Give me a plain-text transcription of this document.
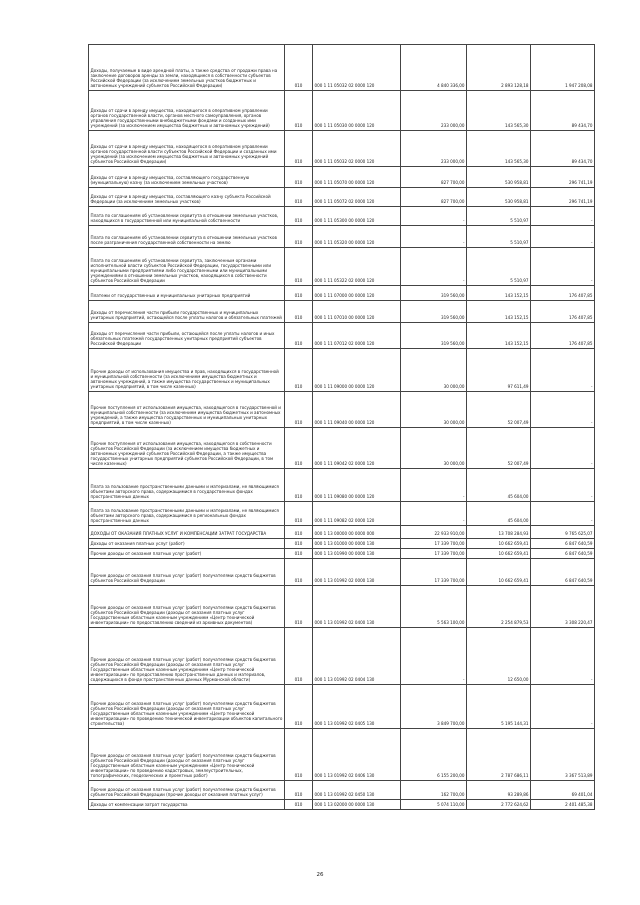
Доходы, получаемые в виде арендной платы, а также средства от продажи права на заключение договоров аренды за земли, находящиеся в собственности субъектов Российской Федерации (за исключением земельных участков бюджетных и автономных учреждений субъектов Российской Федерации)	010	000 1 11 05032 02 0000 120	4 840 336,00	2 893 128,18	1 947 208,08
Доходы от сдачи в аренду имущества, находящегося в оперативном управлении органов государственной власти, органов местного самоуправления, органов управления государственными внебюджетными фондами и созданных ими учреждений (за исключением имущества бюджетных и автономных учреждений)	010	000 1 11 05030 00 0000 120	233 000,00	143 565,30	89 434,70
Доходы от сдачи в аренду имущества, находящегося в оперативном управлении органов государственной власти субъектов Российской Федерации и созданных ими учреждений (за исключением имущества бюджетных и автономных учреждений субъектов Российской Федерации)	010	000 1 11 05032 02 0000 120	233 000,00	143 565,30	89 434,70
Доходы от сдачи в аренду имущества, составляющего государственную (муниципальную) казну (за исключением земельных участков)	010	000 1 11 05070 00 0000 120	827 700,00	530 958,81	296 741,19
Доходы от сдачи в аренду имущества, составляющего казну субъекта Российской Федерации (за исключением земельных участков)	010	000 1 11 05072 02 0000 120	827 700,00	530 958,81	296 741,19
Плата по соглашениям об установлении сервитута в отношении земельных участков, находящихся в государственной или муниципальной собственности	010	000 1 11 05300 00 0000 120	-	5 510,97	-
Плата по соглашениям об установлении сервитута в отношении земельных участков после разграничения государственной собственности на землю	010	000 1 11 05320 00 0000 120	-	5 510,97	-
Плата по соглашениям об установлении сервитута, заключенным органами исполнительной власти субъектов Российской Федерации, государственными или муниципальными предприятиями либо государственными или муниципальными учреждениями в отношении земельных участков, находящихся в собственности субъектов Российской Федерации	010	000 1 11 05322 02 0000 120	-	5 510,97	-
Платежи от государственных и муниципальных унитарных предприятий	010	000 1 11 07000 00 0000 120	319 560,00	143 152,15	176 407,85
Доходы от перечисления части прибыли государственных и муниципальных унитарных предприятий, остающейся после уплаты налогов и обязательных платежей	010	000 1 11 07010 00 0000 120	319 560,00	143 152,15	176 407,85
Доходы от перечисления части прибыли, остающейся после уплаты налогов и иных обязательных платежей государственных унитарных предприятий субъектов Российской Федерации	010	000 1 11 07012 02 0000 120	319 560,00	143 152,15	176 407,85
Прочие доходы от использования имущества и прав, находящихся в государственной и муниципальной собственности (за исключением имущества бюджетных и автономных учреждений, а также имущества государственных и муниципальных унитарных предприятий, в том числе казенных)	010	000 1 11 09000 00 0000 120	30 000,00	97 611,49	-
Прочие поступления от использования имущества, находящегося в государственной и муниципальной собственности (за исключением имущества бюджетных и автономных учреждений, а также имущества государственных и муниципальных унитарных предприятий, в том числе казенных)	010	000 1 11 09040 00 0000 120	30 000,00	52 007,49	-
Прочие поступления от использования имущества, находящегося в собственности субъектов Российской Федерации (за исключением имущества бюджетных и автономных учреждений субъектов Российской Федерации, а также имущества государственных унитарных предприятий субъектов Российской Федерации, в том числе казенных)	010	000 1 11 09042 02 0000 120	30 000,00	52 007,49	-
Плата за пользование пространственными данными и материалами, не являющимися объектами авторского права, содержащимися в государственных фондах пространственных данных	010	000 1 11 09080 00 0000 120	-	45 604,00	-
Плата за пользование пространственными данными и материалами, не являющимися объектами авторского права, содержащимися в региональных фондах пространственных данных	010	000 1 11 09082 02 0000 120	-	45 604,00	-
ДОХОДЫ ОТ ОКАЗАНИЯ ПЛАТНЫХ УСЛУГ И КОМПЕНСАЦИИ ЗАТРАТ ГОСУДАРСТВА	010	000 1 13 00000 00 0000 000	22 933 910,00	13 708 284,93	9 765 625,07
Доходы от оказания платных услуг (работ)	010	000 1 13 01000 00 0000 130	17 339 700,00	10 662 659,41	6 847 640,59
Прочие доходы от оказания платных услуг (работ)	010	000 1 13 01990 00 0000 130	17 339 700,00	10 662 659,41	6 847 640,59
Прочие доходы от оказания платных услуг (работ) получателями средств бюджетов субъектов Российской Федерации	010	000 1 13 01992 02 0000 130	17 339 700,00	10 662 659,41	6 847 640,59
Прочие доходы от оказания платных услуг (работ) получателями средств бюджетов субъектов Российской Федерации (доходы от оказания платных услуг Государственным областным казенным учреждением «Центр технической инвентаризации» по предоставлению сведений из архивных документов)	010	000 1 13 01992 02 0400 130	5 563 100,00	2 254 879,53	3 308 220,47
Прочие доходы от оказания платных услуг (работ) получателями средств бюджетов субъектов Российской Федерации (доходы от оказания платных услуг Государственным областным казенным учреждением «Центр технической инвентаризации» по предоставлению пространственных данных и материалов, содержащихся в фонде пространственных данных Мурманской области)	010	000 1 13 01992 02 0404 130	-	12 650,00	-
Прочие доходы от оказания платных услуг (работ) получателями средств бюджетов субъектов Российской Федерации (доходы от оказания платных услуг Государственным областным казенным учреждением «Центр технической инвентаризации» по проведению технической инвентаризации объектов капитального строительства)	010	000 1 13 01992 02 0405 130	3 849 700,00	5 195 144,31	-
Прочие доходы от оказания платных услуг (работ) получателями средств бюджетов субъектов Российской Федерации (доходы от оказания платных услуг Государственным областным казенным учреждением «Центр технической инвентаризации» по проведению кадастровых, землеустроительных, топографических, геодезических и проектных работ)	010	000 1 13 01992 02 0406 130	6 155 200,00	2 787 686,11	3 367 513,89
Прочие доходы от оказания платных услуг (работ) получателями средств бюджетов субъектов Российской Федерации (прочие доходы от оказания платных услуг)	010	000 1 13 01992 02 0450 130	162 700,00	93 289,86	69 401,04
Доходы от компенсации затрат государства	010	000 1 13 02000 00 0000 130	5 074 110,00	2 772 624,62	2 401 485,38
26
